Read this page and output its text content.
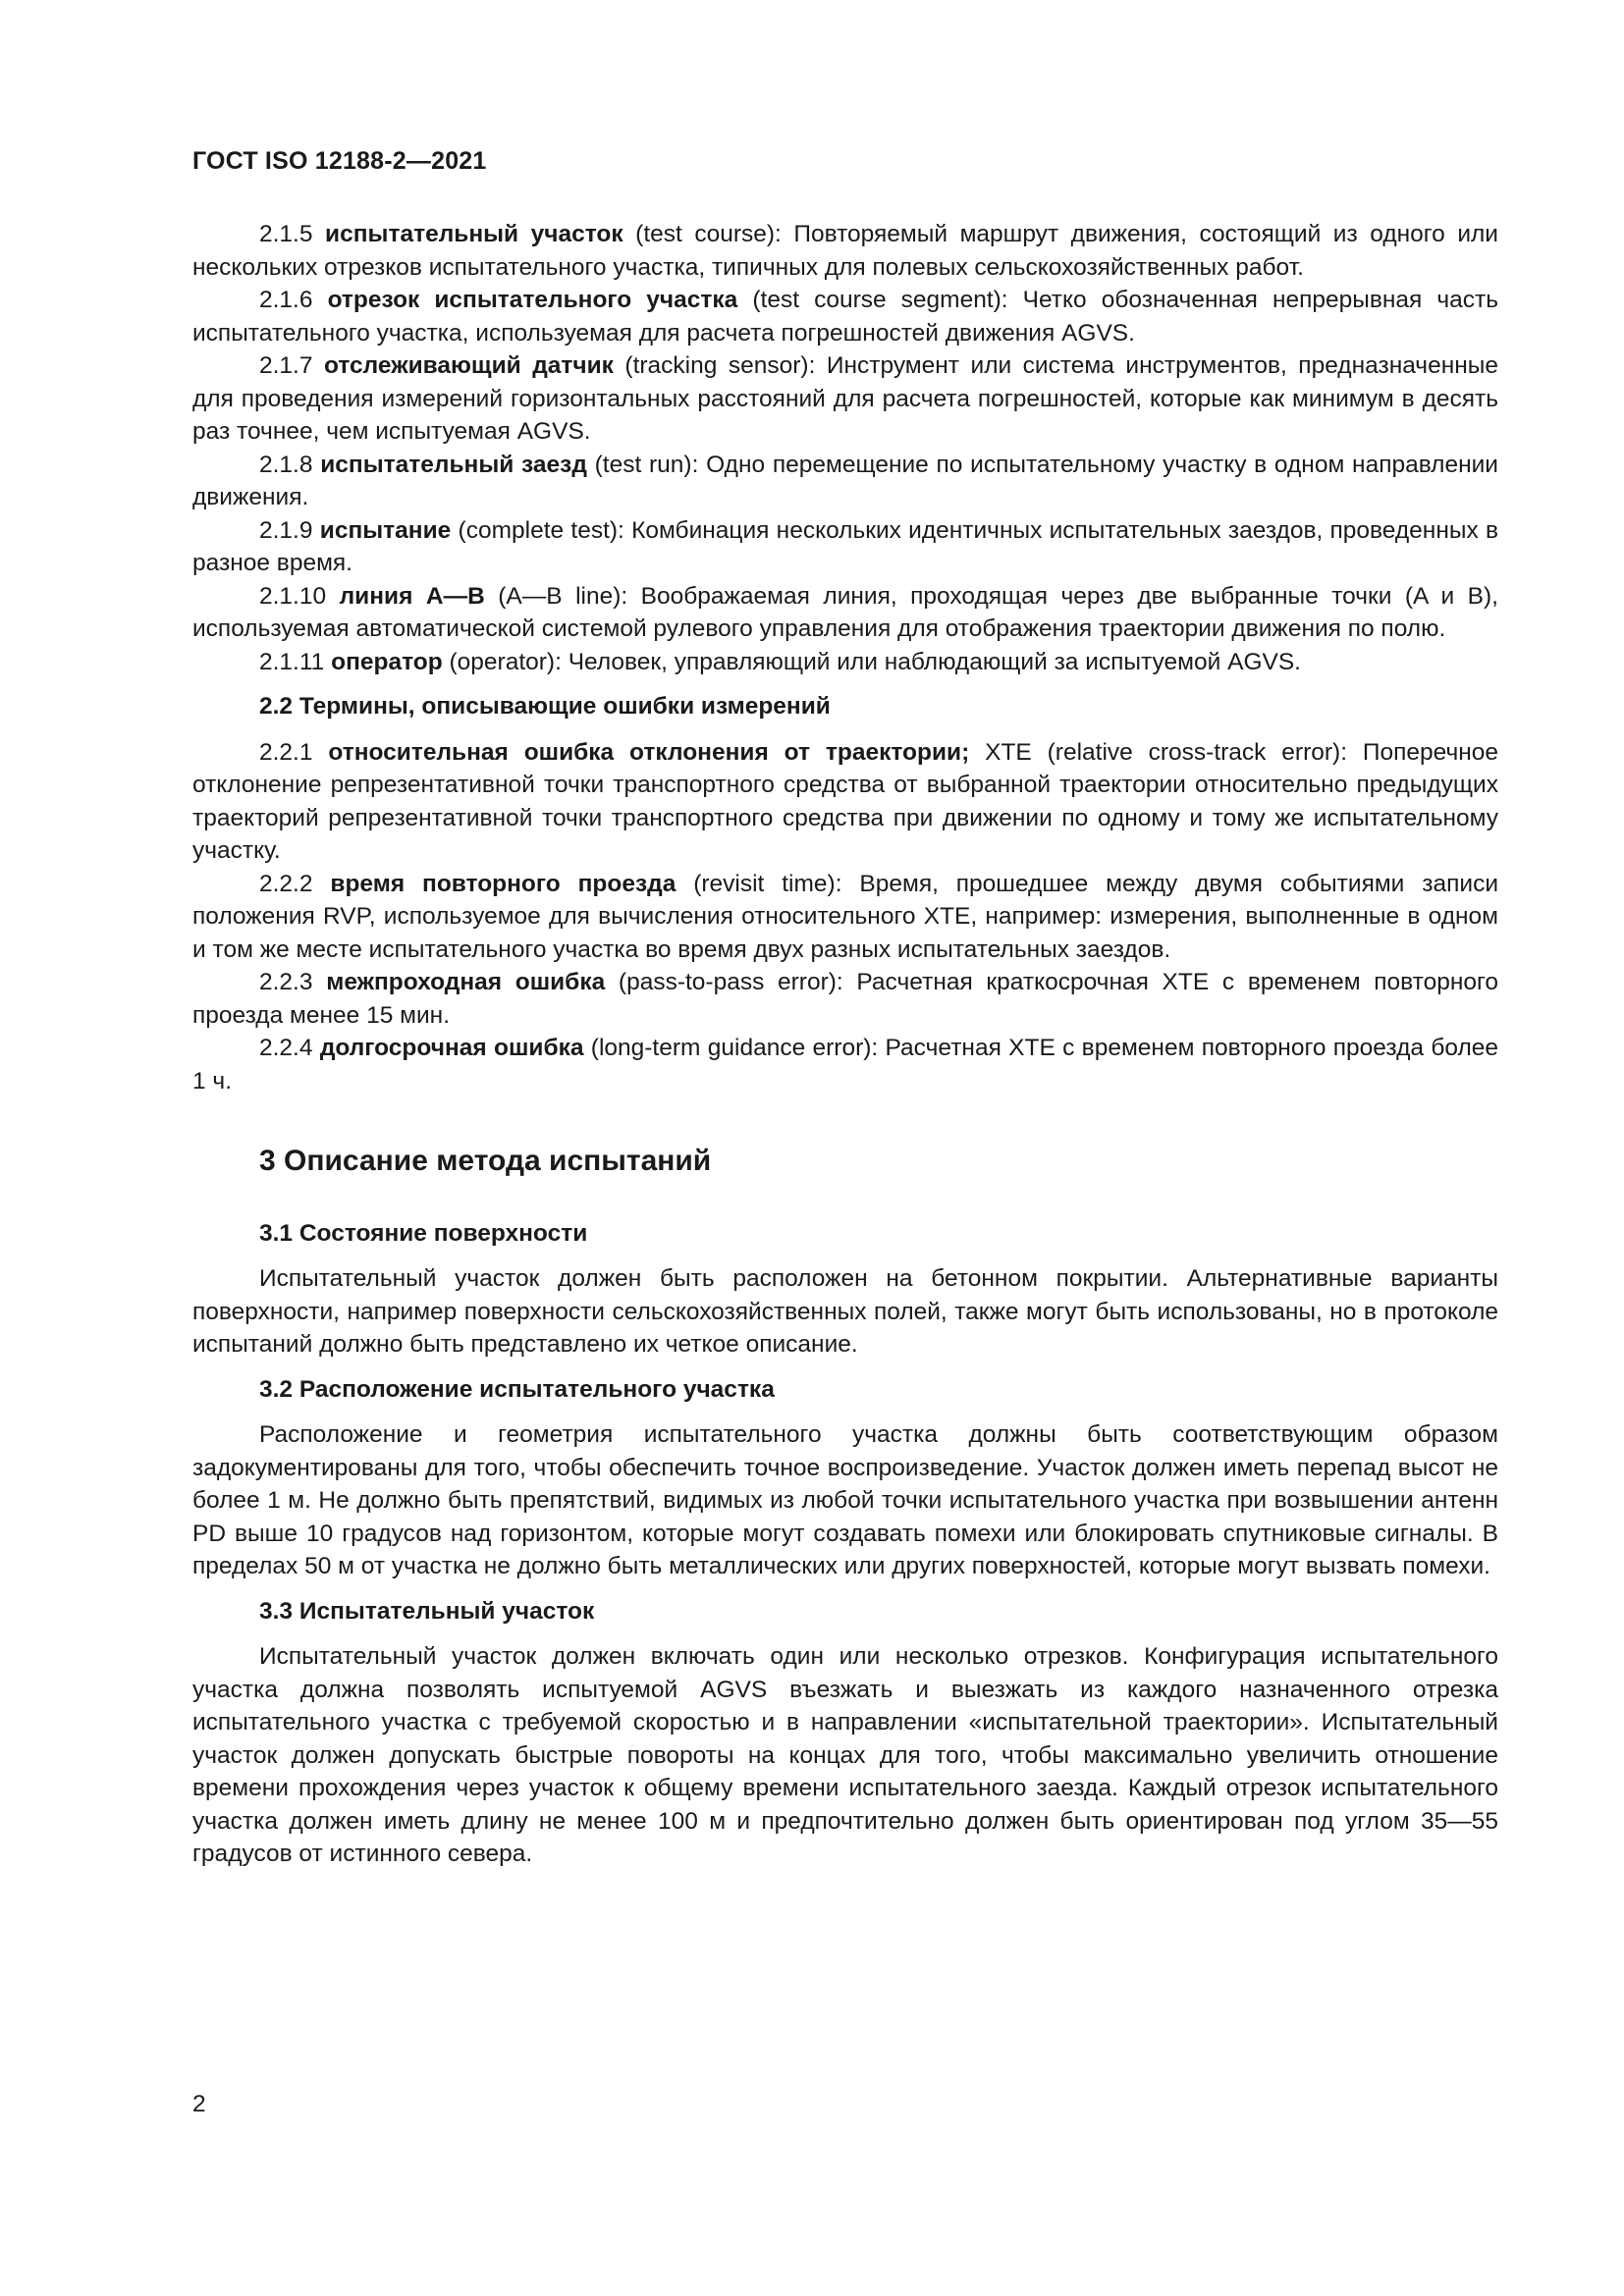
ГОСТ ISO 12188-2—2021

2.1.5 испытательный участок (test course): Повторяемый маршрут движения, состоящий из одного или нескольких отрезков испытательного участка, типичных для полевых сельскохозяйственных работ.

2.1.6 отрезок испытательного участка (test course segment): Четко обозначенная непрерывная часть испытательного участка, используемая для расчета погрешностей движения AGVS.

2.1.7 отслеживающий датчик (tracking sensor): Инструмент или система инструментов, предназначенные для проведения измерений горизонтальных расстояний для расчета погрешностей, которые как минимум в десять раз точнее, чем испытуемая AGVS.

2.1.8 испытательный заезд (test run): Одно перемещение по испытательному участку в одном направлении движения.

2.1.9 испытание (complete test): Комбинация нескольких идентичных испытательных заездов, проведенных в разное время.

2.1.10 линия A—B (A—B line): Воображаемая линия, проходящая через две выбранные точки (A и B), используемая автоматической системой рулевого управления для отображения траектории движения по полю.

2.1.11 оператор (operator): Человек, управляющий или наблюдающий за испытуемой AGVS.

2.2 Термины, описывающие ошибки измерений

2.2.1 относительная ошибка отклонения от траектории; XTE (relative cross-track error): Поперечное отклонение репрезентативной точки транспортного средства от выбранной траектории относительно предыдущих траекторий репрезентативной точки транспортного средства при движении по одному и тому же испытательному участку.

2.2.2 время повторного проезда (revisit time): Время, прошедшее между двумя событиями записи положения RVP, используемое для вычисления относительного XTE, например: измерения, выполненные в одном и том же месте испытательного участка во время двух разных испытательных заездов.

2.2.3 межпроходная ошибка (pass-to-pass error): Расчетная краткосрочная XTE с временем повторного проезда менее 15 мин.

2.2.4 долгосрочная ошибка (long-term guidance error): Расчетная XTE с временем повторного проезда более 1 ч.

3 Описание метода испытаний

3.1 Состояние поверхности

Испытательный участок должен быть расположен на бетонном покрытии. Альтернативные варианты поверхности, например поверхности сельскохозяйственных полей, также могут быть использованы, но в протоколе испытаний должно быть представлено их четкое описание.

3.2 Расположение испытательного участка

Расположение и геометрия испытательного участка должны быть соответствующим образом задокументированы для того, чтобы обеспечить точное воспроизведение. Участок должен иметь перепад высот не более 1 м. Не должно быть препятствий, видимых из любой точки испытательного участка при возвышении антенн PD выше 10 градусов над горизонтом, которые могут создавать помехи или блокировать спутниковые сигналы. В пределах 50 м от участка не должно быть металлических или других поверхностей, которые могут вызвать помехи.

3.3 Испытательный участок

Испытательный участок должен включать один или несколько отрезков. Конфигурация испытательного участка должна позволять испытуемой AGVS въезжать и выезжать из каждого назначенного отрезка испытательного участка с требуемой скоростью и в направлении «испытательной траектории». Испытательный участок должен допускать быстрые повороты на концах для того, чтобы максимально увеличить отношение времени прохождения через участок к общему времени испытательного заезда. Каждый отрезок испытательного участка должен иметь длину не менее 100 м и предпочтительно должен быть ориентирован под углом 35—55 градусов от истинного севера.

2
